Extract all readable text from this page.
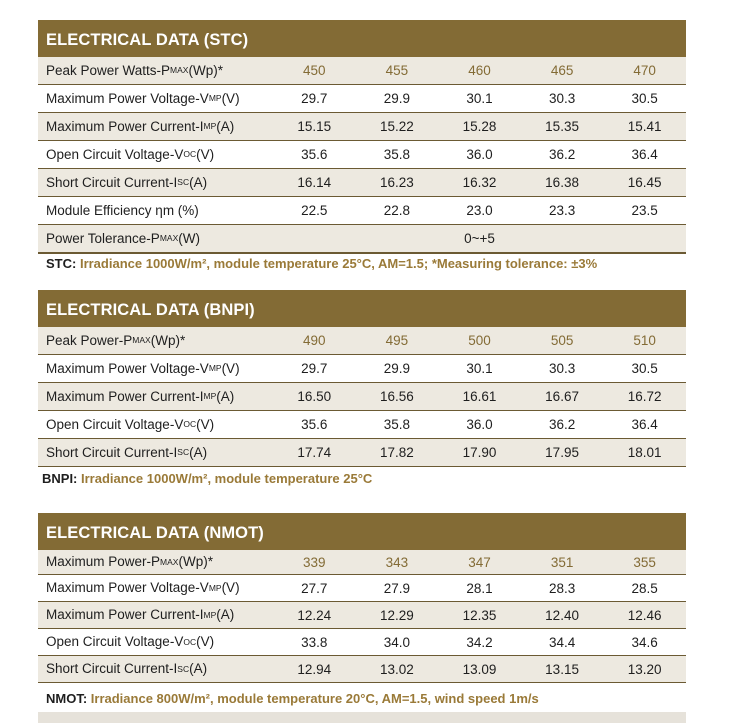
ELECTRICAL DATA (STC)
Peak Power Watts-P MAX (Wp)*	450	455	460	465	470
Maximum Power Voltage-V MP (V)	29.7	29.9	30.1	30.3	30.5
Maximum Power Current-I MP (A)	15.15	15.22	15.28	15.35	15.41
Open Circuit Voltage-V OC (V)	35.6	35.8	36.0	36.2	36.4
Short Circuit Current-I SC (A)	16.14	16.23	16.32	16.38	16.45
Module Efficiency ηm (%)	22.5	22.8	23.0	23.3	23.5
Power Tolerance-P MAX (W)	0~+5
STC: Irradiance 1000W/m², module temperature 25°C, AM=1.5; *Measuring tolerance: ±3%
ELECTRICAL DATA (BNPI)
Peak Power-P MAX (Wp)*	490	495	500	505	510
Maximum Power Voltage-V MP (V)	29.7	29.9	30.1	30.3	30.5
Maximum Power Current-I MP (A)	16.50	16.56	16.61	16.67	16.72
Open Circuit Voltage-V OC (V)	35.6	35.8	36.0	36.2	36.4
Short Circuit Current-I SC (A)	17.74	17.82	17.90	17.95	18.01
BNPI: Irradiance 1000W/m², module temperature 25°C
ELECTRICAL DATA (NMOT)
Maximum Power-P MAX (Wp)*	339	343	347	351	355
Maximum Power Voltage-V MP (V)	27.7	27.9	28.1	28.3	28.5
Maximum Power Current-I MP (A)	12.24	12.29	12.35	12.40	12.46
Open Circuit Voltage-V OC (V)	33.8	34.0	34.2	34.4	34.6
Short Circuit Current-I SC (A)	12.94	13.02	13.09	13.15	13.20
NMOT: Irradiance 800W/m², module temperature 20°C, AM=1.5, wind speed 1m/s
